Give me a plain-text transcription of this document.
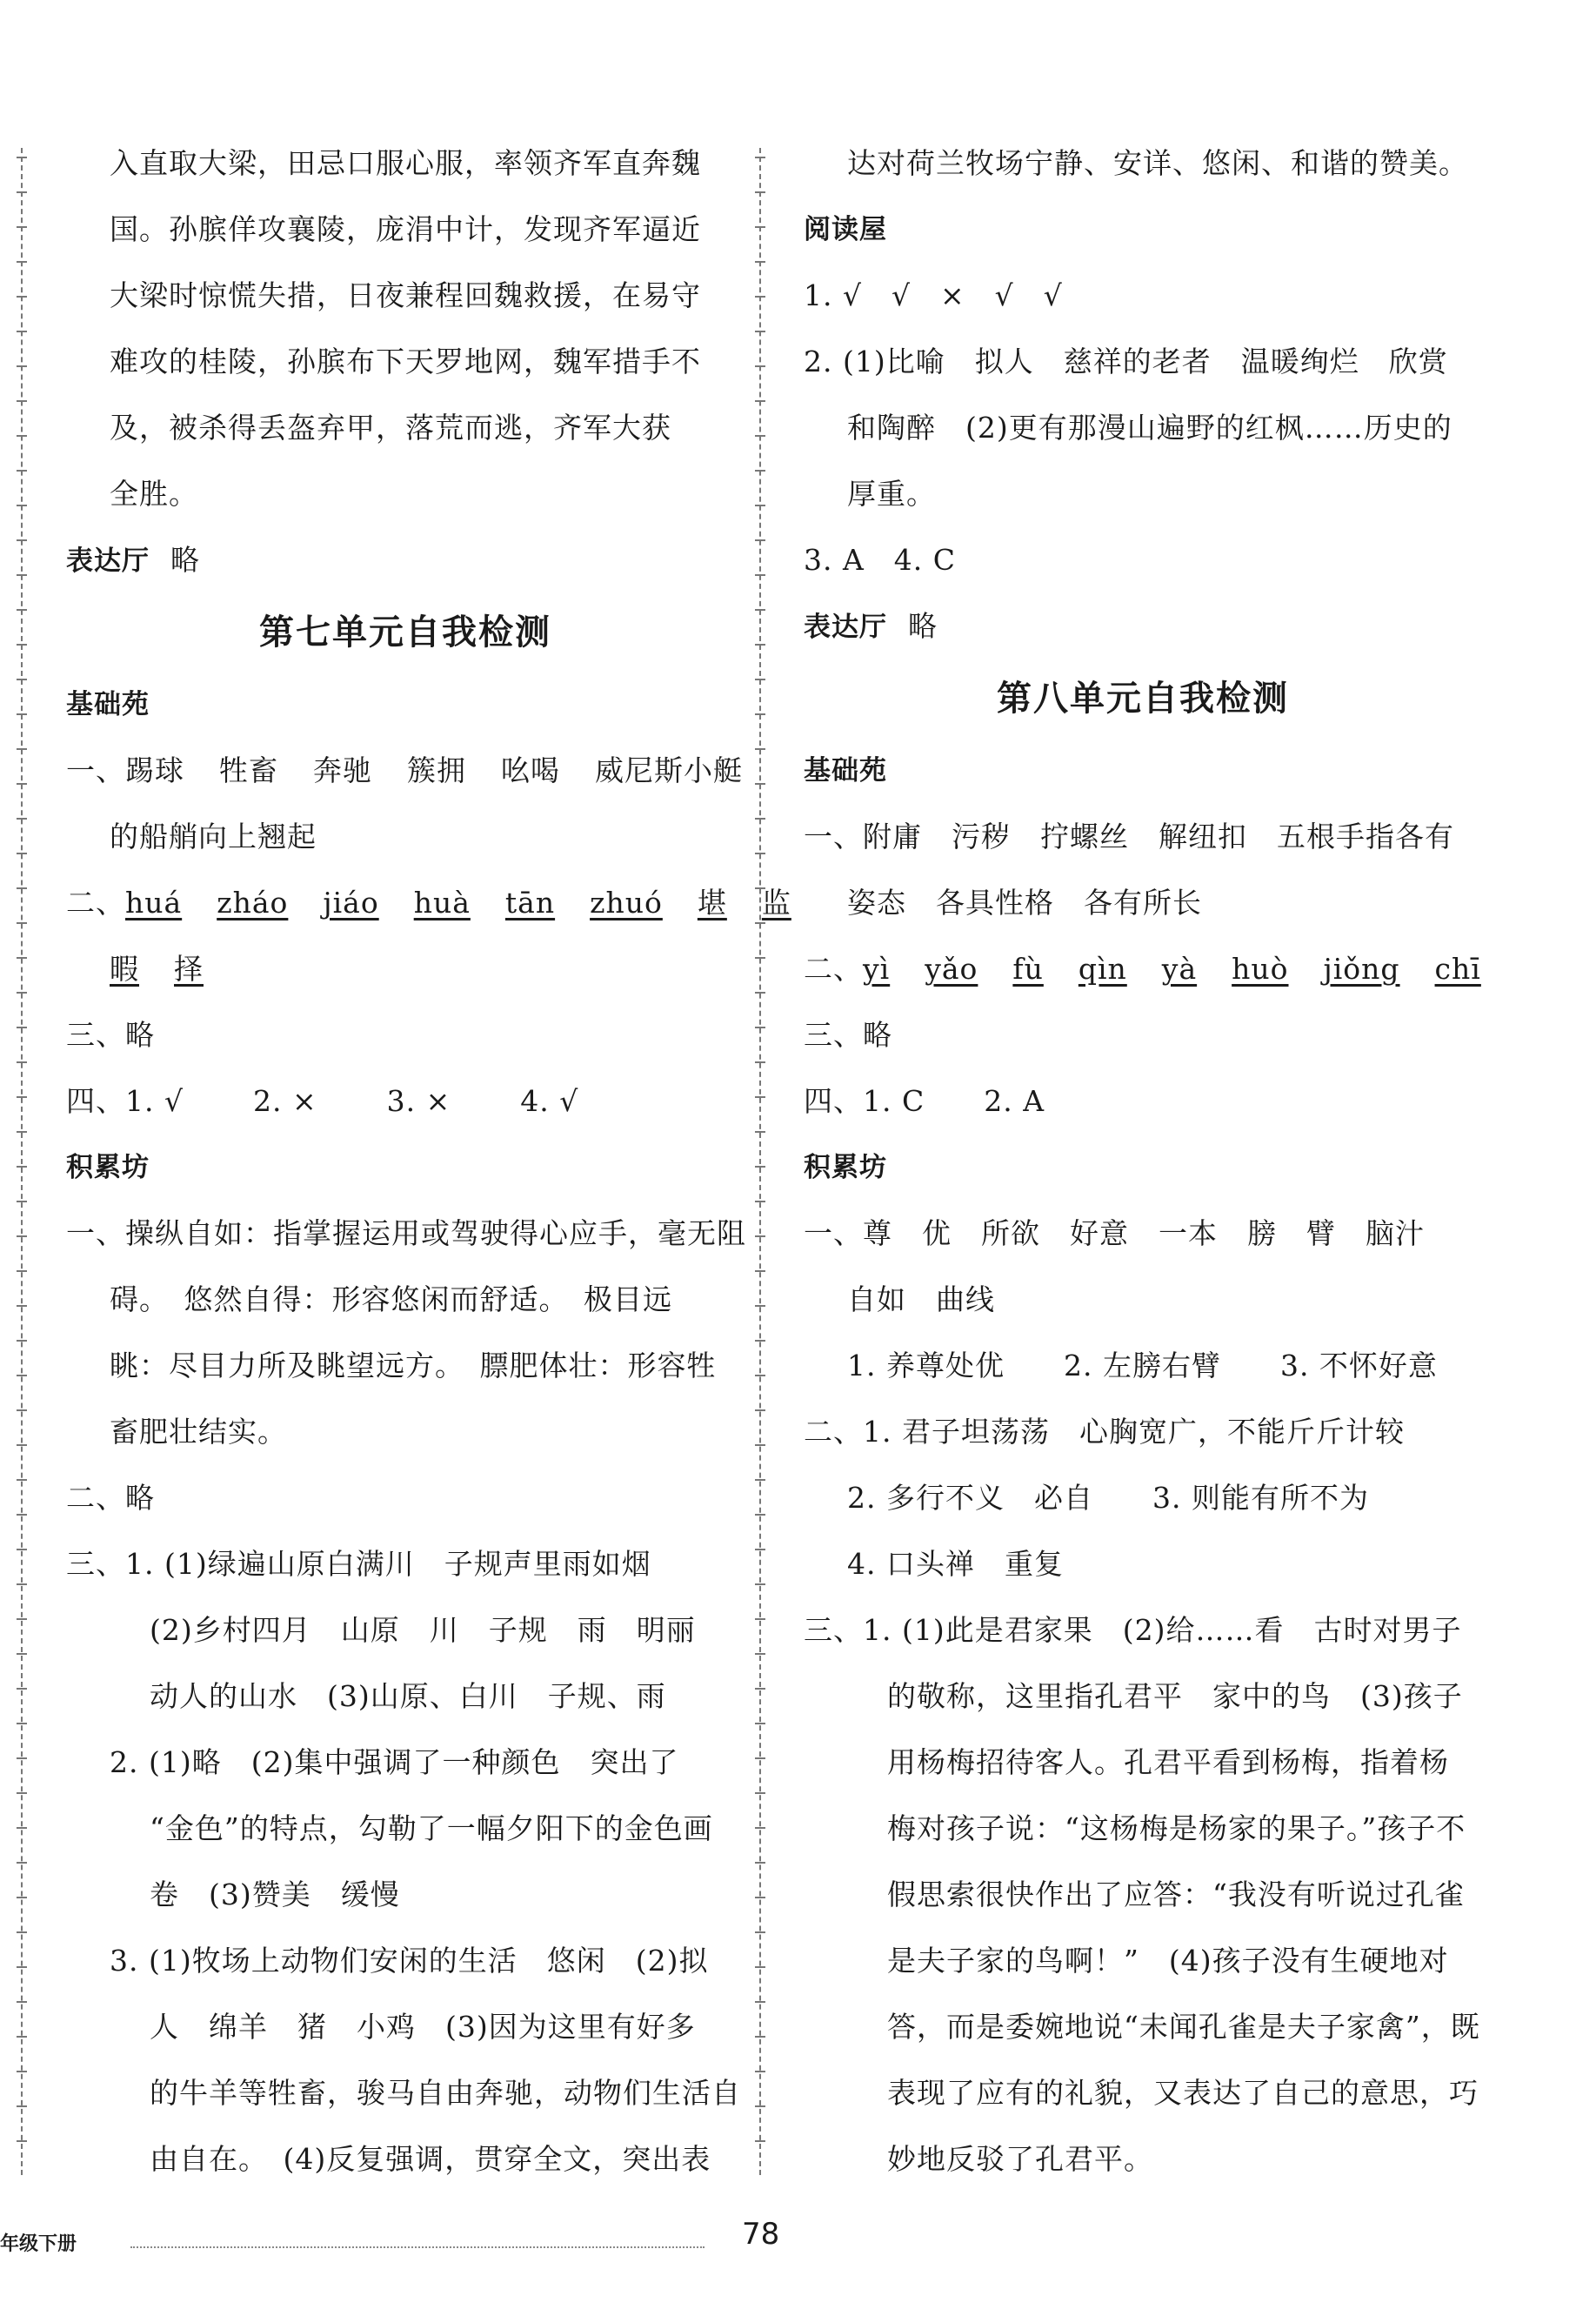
入直取大梁，田忌口服心服，率领齐军直奔魏
国。孙膑佯攻襄陵，庞涓中计，发现齐军逼近
大梁时惊慌失措，日夜兼程回魏救援，在易守
难攻的桂陵，孙膑布下天罗地网，魏军措手不
及，被杀得丢盔弃甲，落荒而逃，齐军大获
全胜。
表达厅 略
第七单元自我检测
基础苑
一、踢球 牲畜 奔驰 簇拥 吆喝 威尼斯小艇
的船艄向上翘起
二、huá zháo jiáo huà tān zhuó 堪 监
暇 择
三、略
四、1. √ 2. × 3. × 4. √
积累坊
一、操纵自如：指掌握运用或驾驶得心应手，毫无阻
碍。　悠然自得：形容悠闲而舒适。　极目远
眺：尽目力所及眺望远方。　膘肥体壮：形容牲
畜肥壮结实。
二、略
三、1. (1)绿遍山原白满川　子规声里雨如烟
(2)乡村四月　山原　川　子规　雨　明丽
动人的山水　(3)山原、白川　子规、雨
2. (1)略　(2)集中强调了一种颜色　突出了
“金色”的特点，勾勒了一幅夕阳下的金色画
卷　(3)赞美　缓慢
3. (1)牧场上动物们安闲的生活　悠闲　(2)拟
人　绵羊　猪　小鸡　(3)因为这里有好多
的牛羊等牲畜，骏马自由奔驰，动物们生活自
由自在。　(4)反复强调，贯穿全文，突出表
达对荷兰牧场宁静、安详、悠闲、和谐的赞美。
阅读屋
1. √　√　×　√　√
2. (1)比喻　拟人　慈祥的老者　温暖绚烂　欣赏
和陶醉　(2)更有那漫山遍野的红枫……历史的
厚重。
3. A　4. C
表达厅 略
第八单元自我检测
基础苑
一、附庸　污秽　拧螺丝　解纽扣　五根手指各有
姿态　各具性格　各有所长
二、yì yǎo fù qìn yà huò jiǒng chī
三、略
四、1. C　　2. A
积累坊
一、尊　优　所欲　好意　一本　膀　臂　脑汁
自如　曲线
1. 养尊处优　　2. 左膀右臂　　3. 不怀好意
二、1. 君子坦荡荡　心胸宽广，不能斤斤计较
2. 多行不义　必自　　3. 则能有所不为
4. 口头禅　重复
三、1. (1)此是君家果　(2)给……看　古时对男子
的敬称，这里指孔君平　家中的鸟　(3)孩子
用杨梅招待客人。孔君平看到杨梅，指着杨
梅对孩子说：“这杨梅是杨家的果子。”孩子不
假思索很快作出了应答：“我没有听说过孔雀
是夫子家的鸟啊！”　(4)孩子没有生硬地对
答，而是委婉地说“未闻孔雀是夫子家禽”，既
表现了应有的礼貌，又表达了自己的意思，巧
妙地反驳了孔君平。
年级下册	78
